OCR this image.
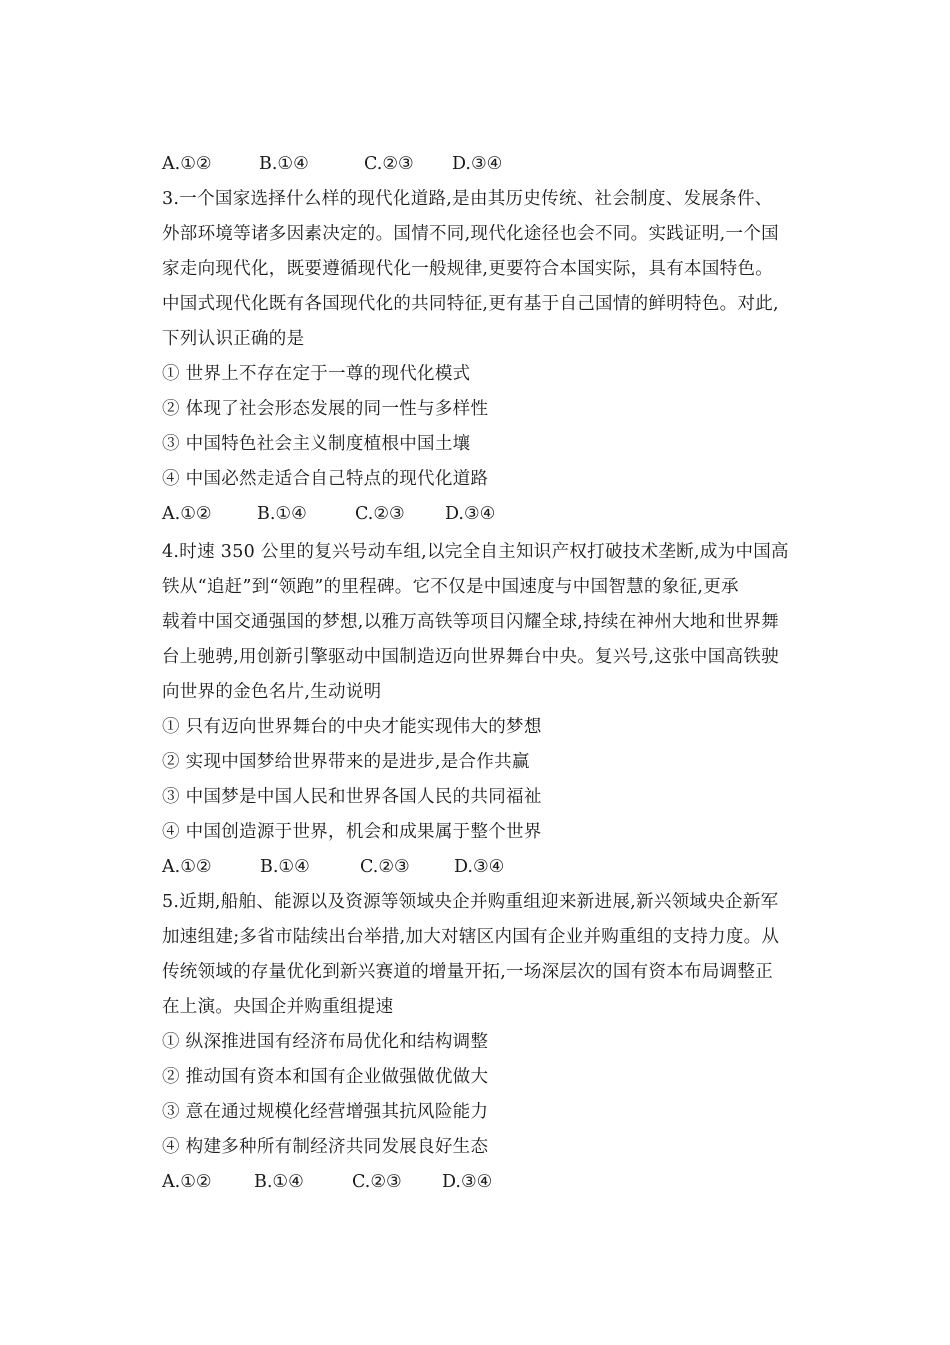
A.①②	B.①④	C.②③ D.③④
3.一个国家选择什么样的现代化道路,是由其历史传统、社会制度、发展条件、
外部环境等诸多因素决定的。国情不同,现代化途径也会不同。实践证明,一个国
家走向现代化，既要遵循现代化一般规律,更要符合本国实际，具有本国特色。
中国式现代化既有各国现代化的共同特征,更有基于自己国情的鲜明特色。对此,
下列认识正确的是
① 世界上不存在定于一尊的现代化模式
② 体现了社会形态发展的同一性与多样性
③ 中国特色社会主义制度植根中国土壤
④ 中国必然走适合自己特点的现代化道路
A.①②	B.①④	C.②③ D.③④
4.时速 350 公里的复兴号动车组,以完全自主知识产权打破技术垄断,成为中国高
铁从“追赶”到“领跑”的里程碑。它不仅是中国速度与中国智慧的象征,更承
载着中国交通强国的梦想,以雅万高铁等项目闪耀全球,持续在神州大地和世界舞
台上驰骋,用创新引擎驱动中国制造迈向世界舞台中央。复兴号,这张中国高铁驶
向世界的金色名片,生动说明
① 只有迈向世界舞台的中央才能实现伟大的梦想
② 实现中国梦给世界带来的是进步,是合作共赢
③ 中国梦是中国人民和世界各国人民的共同福祉
④ 中国创造源于世界，机会和成果属于整个世界
A.①②	B.①④	C.②③	D.③④
5.近期,船舶、能源以及资源等领域央企并购重组迎来新进展,新兴领域央企新军
加速组建;多省市陆续出台举措,加大对辖区内国有企业并购重组的支持力度。从
传统领域的存量优化到新兴赛道的增量开拓,一场深层次的国有资本布局调整正
在上演。央国企并购重组提速
① 纵深推进国有经济布局优化和结构调整
② 推动国有资本和国有企业做强做优做大
③ 意在通过规模化经营增强其抗风险能力
④ 构建多种所有制经济共同发展良好生态
A.①② B.①④	C.②③ D.③④
